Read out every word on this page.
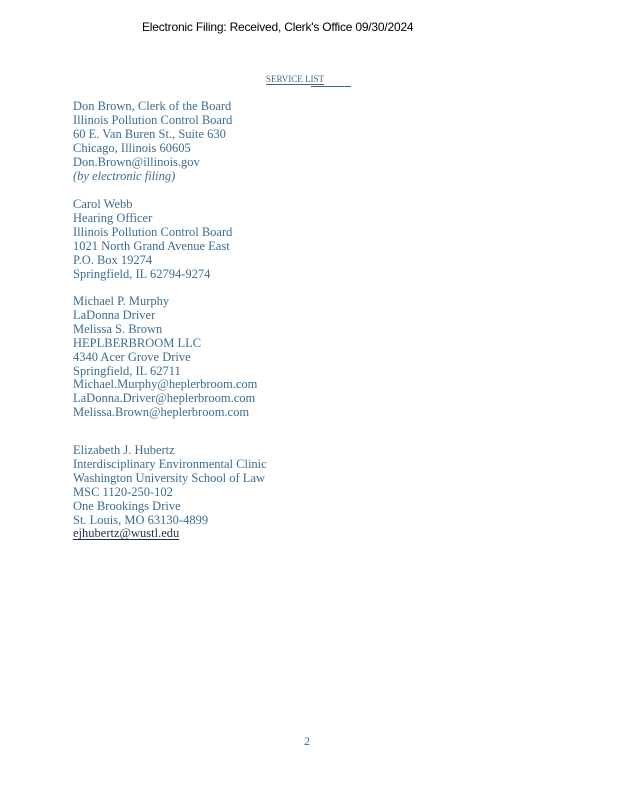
Electronic Filing: Received, Clerk's Office 09/30/2024
SERVICE LIST
Don Brown, Clerk of the Board
Illinois Pollution Control Board
60 E. Van Buren St., Suite 630
Chicago, Illinois 60605
Don.Brown@illinois.gov
(by electronic filing)
Carol Webb
Hearing Officer
Illinois Pollution Control Board
1021 North Grand Avenue East
P.O. Box 19274
Springfield, IL 62794-9274
Michael P. Murphy
LaDonna Driver
Melissa S. Brown
HEPLBERBROOM LLC
4340 Acer Grove Drive
Springfield, IL 62711
Michael.Murphy@heplerbroom.com
LaDonna.Driver@heplerbroom.com
Melissa.Brown@heplerbroom.com
Elizabeth J. Hubertz
Interdisciplinary Environmental Clinic
Washington University School of Law
MSC 1120-250-102
One Brookings Drive
St. Louis, MO 63130-4899
ejhubertz@wustl.edu
2
